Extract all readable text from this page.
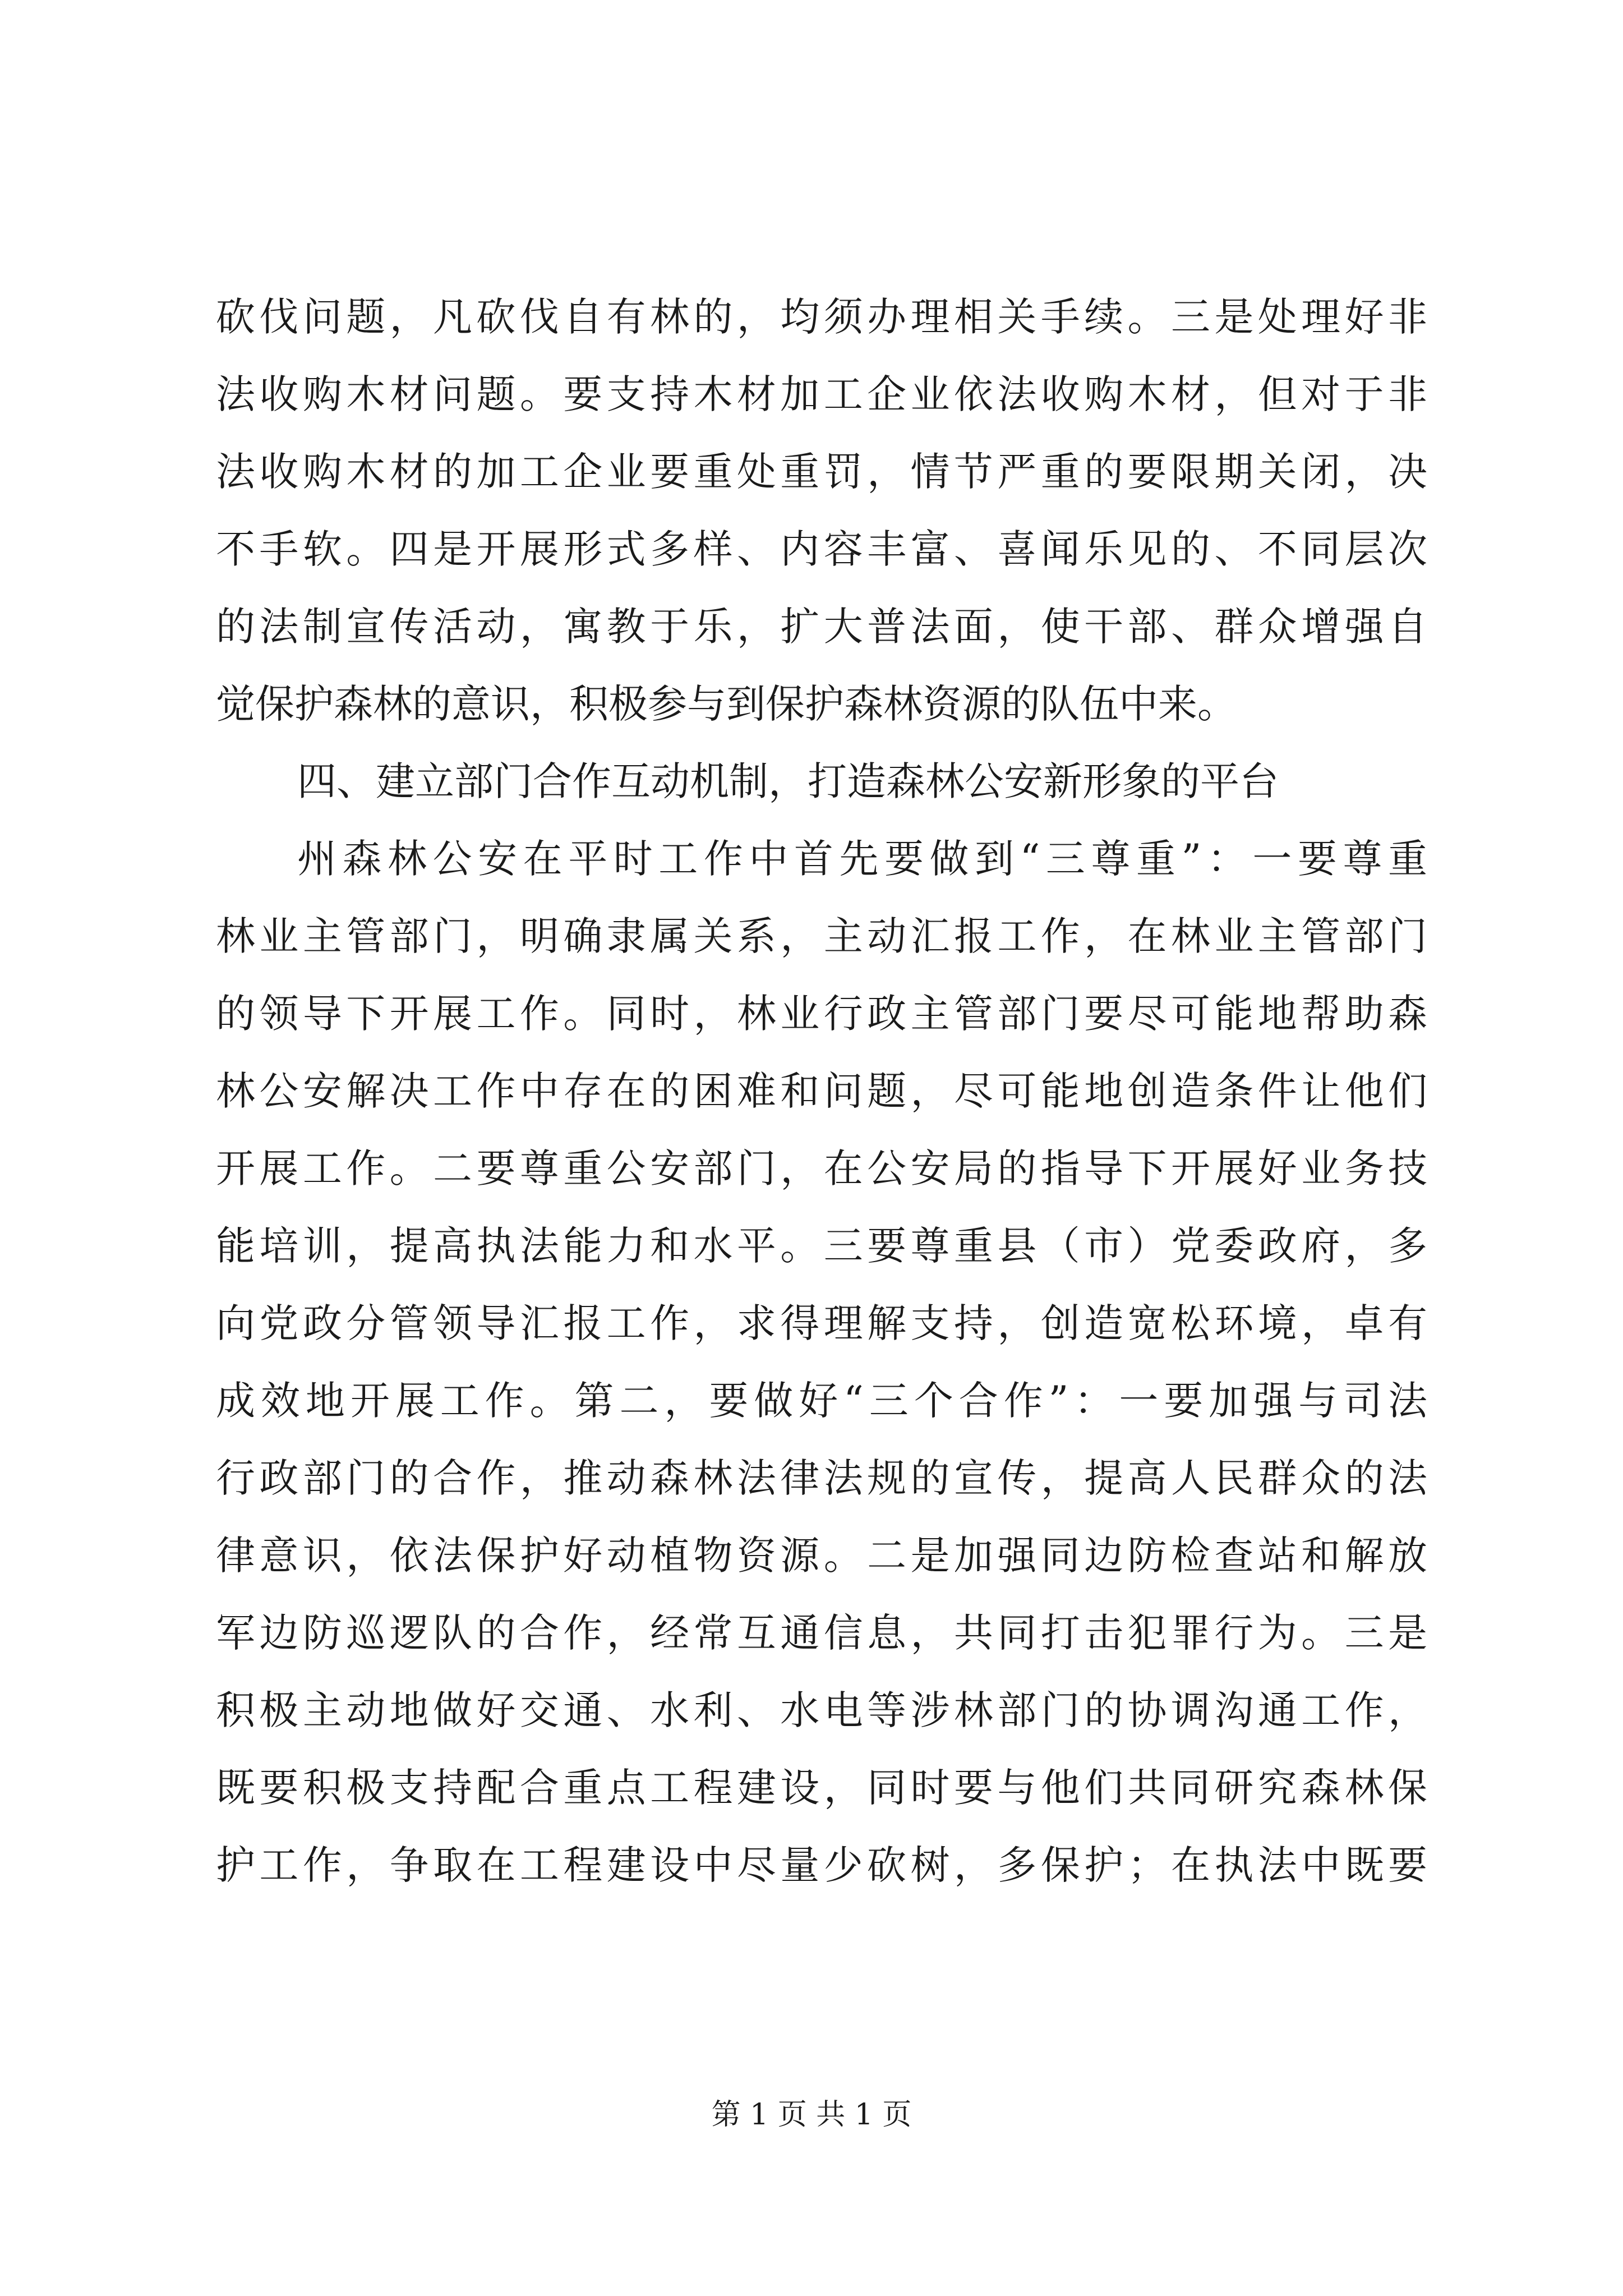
砍伐问题，凡砍伐自有林的，均须办理相关手续。三是处理好非
法收购木材问题。要支持木材加工企业依法收购木材，但对于非
法收购木材的加工企业要重处重罚，情节严重的要限期关闭，决
不手软。四是开展形式多样、内容丰富、喜闻乐见的、不同层次
的法制宣传活动，寓教于乐，扩大普法面，使干部、群众增强自
觉保护森林的意识，积极参与到保护森林资源的队伍中来。
四、建立部门合作互动机制，打造森林公安新形象的平台
州森林公安在平时工作中首先要做到“三尊重”：一要尊重
林业主管部门，明确隶属关系，主动汇报工作，在林业主管部门
的领导下开展工作。同时，林业行政主管部门要尽可能地帮助森
林公安解决工作中存在的困难和问题，尽可能地创造条件让他们
开展工作。二要尊重公安部门，在公安局的指导下开展好业务技
能培训，提高执法能力和水平。三要尊重县（市）党委政府，多
向党政分管领导汇报工作，求得理解支持，创造宽松环境，卓有
成效地开展工作。第二，要做好“三个合作”：一要加强与司法
行政部门的合作，推动森林法律法规的宣传，提高人民群众的法
律意识，依法保护好动植物资源。二是加强同边防检查站和解放
军边防巡逻队的合作，经常互通信息，共同打击犯罪行为。三是
积极主动地做好交通、水利、水电等涉林部门的协调沟通工作，
既要积极支持配合重点工程建设，同时要与他们共同研究森林保
护工作，争取在工程建设中尽量少砍树，多保护；在执法中既要
第 1 页 共 1 页
